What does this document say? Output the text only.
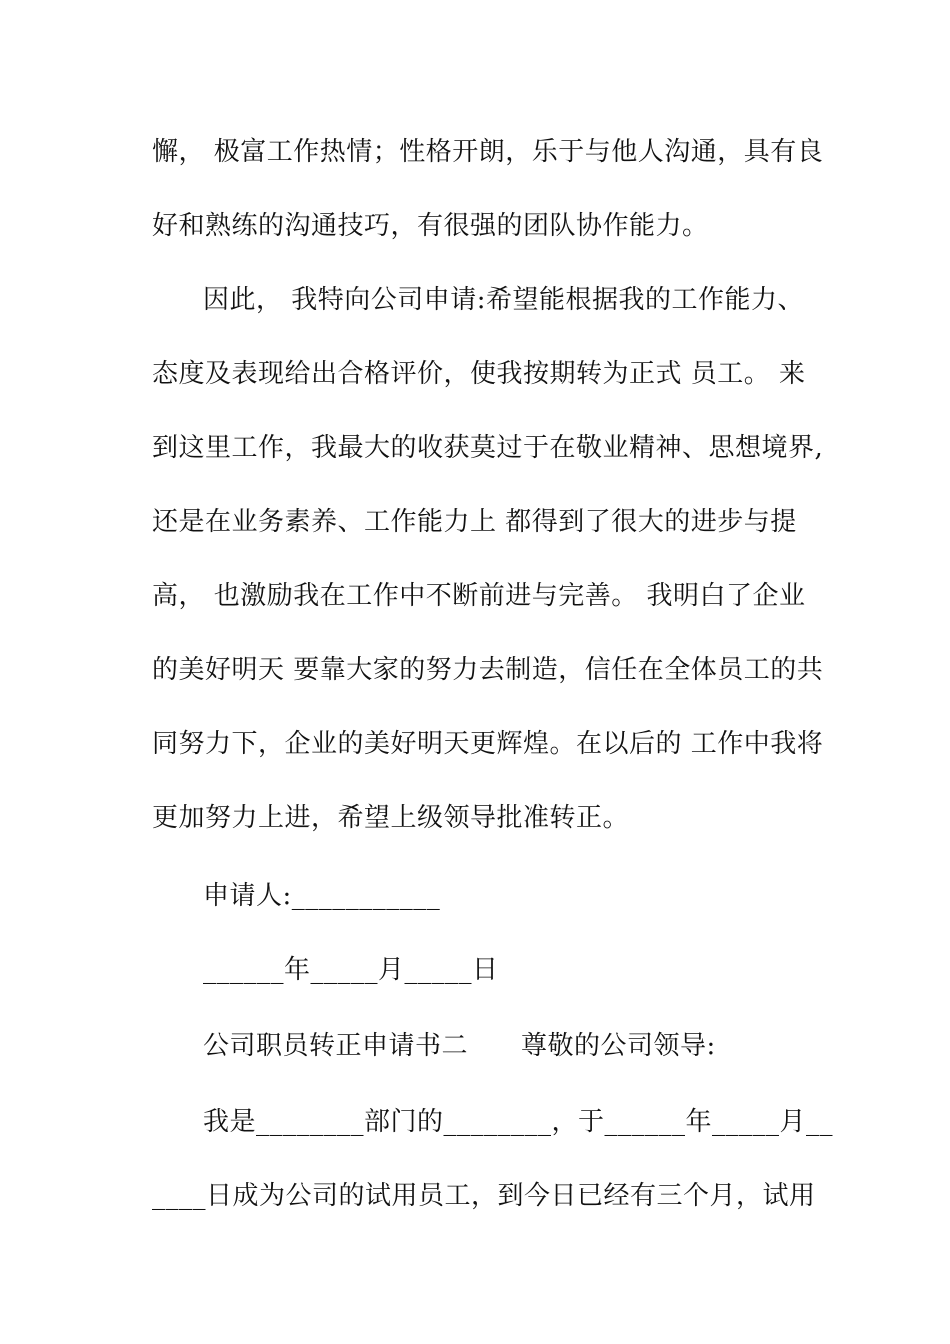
懈， 极富工作热情；性格开朗，乐于与他人沟通，具有良
好和熟练的沟通技巧，有很强的团队协作能力。
因此， 我特向公司申请:希望能根据我的工作能力、
态度及表现给出合格评价，使我按期转为正式 员工。 来
到这里工作，我最大的收获莫过于在敬业精神、思想境界,
还是在业务素养、工作能力上 都得到了很大的进步与提
高， 也激励我在工作中不断前进与完善。 我明白了企业
的美好明天 要靠大家的努力去制造，信任在全体员工的共
同努力下，企业的美好明天更辉煌。在以后的 工作中我将
更加努力上进，希望上级领导批准转正。
申请人:___________
______年_____月_____日
公司职员转正申请书二　　尊敬的公司领导:
我是________部门的________，于______年_____月__
____日成为公司的试用员工，到今日已经有三个月，试用
